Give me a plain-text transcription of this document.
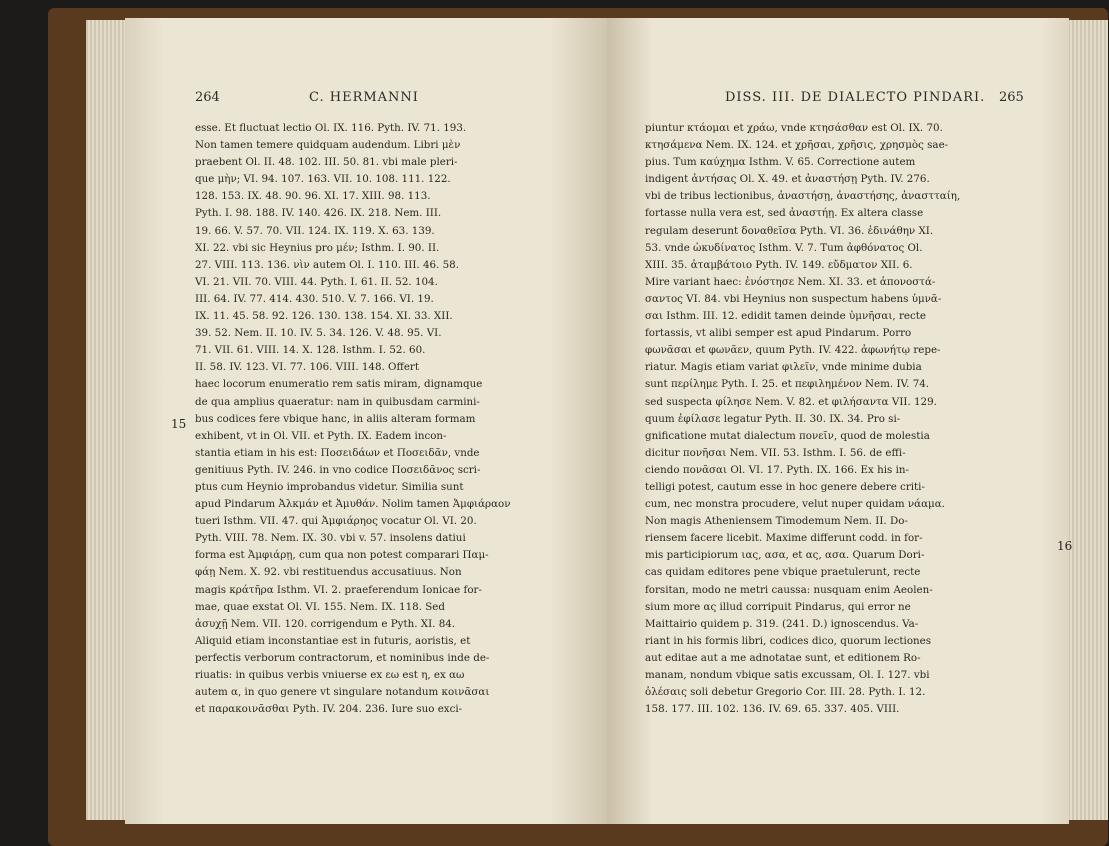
264	C. HERMANNI
15
esse. Et fluctuat lectio Ol. IX. 116. Pyth. IV. 71. 193.
Non tamen temere quidquam audendum. Libri μὲν
praebent Ol. II. 48. 102. III. 50. 81. vbi male pleri-
que μὴν; VI. 94. 107. 163. VII. 10. 108. 111. 122.
128. 153. IX. 48. 90. 96. XI. 17. XIII. 98. 113.
Pyth. I. 98. 188. IV. 140. 426. IX. 218. Nem. III.
19. 66. V. 57. 70. VII. 124. IX. 119. X. 63. 139.
XI. 22. vbi sic Heynius pro μέν; Isthm. I. 90. II.
27. VIII. 113. 136. νὶν autem Ol. I. 110. III. 46. 58.
VI. 21. VII. 70. VIII. 44. Pyth. I. 61. II. 52. 104.
III. 64. IV. 77. 414. 430. 510. V. 7. 166. VI. 19.
IX. 11. 45. 58. 92. 126. 130. 138. 154. XI. 33. XII.
39. 52. Nem. II. 10. IV. 5. 34. 126. V. 48. 95. VI.
71. VII. 61. VIII. 14. X. 128. Isthm. I. 52. 60.
II. 58. IV. 123. VI. 77. 106. VIII. 148. Offert
haec locorum enumeratio rem satis miram, dignamque
de qua amplius quaeratur: nam in quibusdam carmini-
bus codices fere vbique hanc, in aliis alteram formam
exhibent, vt in Ol. VII. et Pyth. IX. Eadem incon-
stantia etiam in his est: Ποσειδάων et Ποσειδᾶν, vnde
genitiuus Pyth. IV. 246. in vno codice Ποσειδᾶνος scri-
ptus cum Heynio improbandus videtur. Similia sunt
apud Pindarum Ἀλκμάν et Ἀμυθάν. Nolim tamen Ἀμφιάραον
tueri Isthm. VII. 47. qui Ἀμφιάρηος vocatur Ol. VI. 20.
Pyth. VIII. 78. Nem. IX. 30. vbi v. 57. insolens datiui
forma est Ἀμφιάρῃ, cum qua non potest comparari Παμ-
φάῃ Nem. X. 92. vbi restituendus accusatiuus. Non
magis κράτῆρα Isthm. VI. 2. praeferendum Ionicae for-
mae, quae exstat Ol. VI. 155. Nem. IX. 118. Sed
ἀσυχῇ Nem. VII. 120. corrigendum e Pyth. XI. 84.
Aliquid etiam inconstantiae est in futuris, aoristis, et
perfectis verborum contractorum, et nominibus inde de-
riuatis: in quibus verbis vniuerse ex εω est η, ex αω
autem α, in quo genere vt singulare notandum κοινᾶσαι
et παρακοινᾶσθαι Pyth. IV. 204. 236. Iure suo exci-
DISS. III. DE DIALECTO PINDARI. 265
16
piuntur κτάομαι et χράω, vnde κτησάσθαν est Ol. IX. 70.
κτησάμενα Nem. IX. 124. et χρῆσαι, χρῆσις, χρησμὸς sae-
pius. Tum καύχημα Isthm. V. 65. Correctione autem
indigent ἀντήσας Ol. X. 49. et ἀναστήσῃ Pyth. IV. 276.
vbi de tribus lectionibus, ἀναστήσῃ, ἀναστήσης, ἀναστταίη,
fortasse nulla vera est, sed ἀναστήῃ. Ex altera classe
regulam deserunt δοναθεῖσα Pyth. VI. 36. ἐδινάθην XI.
53. vnde ὠκυδίνατος Isthm. V. 7. Tum ἀφθόνατος Ol.
XIII. 35. ἀταμβάτοιο Pyth. IV. 149. εὔδματον XII. 6.
Mire variant haec: ἐνόστησε Nem. XI. 33. et ἀπονοστά-
σαντος VI. 84. vbi Heynius non suspectum habens ὑμνᾶ-
σαι Isthm. III. 12. edidit tamen deinde ὑμνῆσαι, recte
fortassis, vt alibi semper est apud Pindarum. Porro
φωνᾶσαι et φωνᾶεν, quum Pyth. IV. 422. ἀφωνήτῳ repe-
riatur. Magis etiam variat φιλεῖν, vnde minime dubia
sunt περίλημε Pyth. I. 25. et πεφιλημένον Nem. IV. 74.
sed suspecta φίλησε Nem. V. 82. et φιλήσαντα VII. 129.
quum ἐφίλασε legatur Pyth. II. 30. IX. 34. Pro si-
gnificatione mutat dialectum πονεῖν, quod de molestia
dicitur πονῆσαι Nem. VII. 53. Isthm. I. 56. de effi-
ciendo πονᾶσαι Ol. VI. 17. Pyth. IX. 166. Ex his in-
telligi potest, cautum esse in hoc genere debere criti-
cum, nec monstra procudere, velut nuper quidam νάαμα.
Non magis Atheniensem Timodemum Nem. II. Do-
riensem facere licebit. Maxime differunt codd. in for-
mis participiorum ιας, ασα, et ας, ασα. Quarum Dori-
cas quidam editores pene vbique praetulerunt, recte
forsitan, modo ne metri caussa: nusquam enim Aeolen-
sium more ας illud corripuit Pindarus, qui error ne
Maittairio quidem p. 319. (241. D.) ignoscendus. Va-
riant in his formis libri, codices dico, quorum lectiones
aut editae aut a me adnotatae sunt, et editionem Ro-
manam, nondum vbique satis excussam, Ol. I. 127. vbi
ὀλέσαις soli debetur Gregorio Cor. III. 28. Pyth. I. 12.
158. 177. III. 102. 136. IV. 69. 65. 337. 405. VIII.
